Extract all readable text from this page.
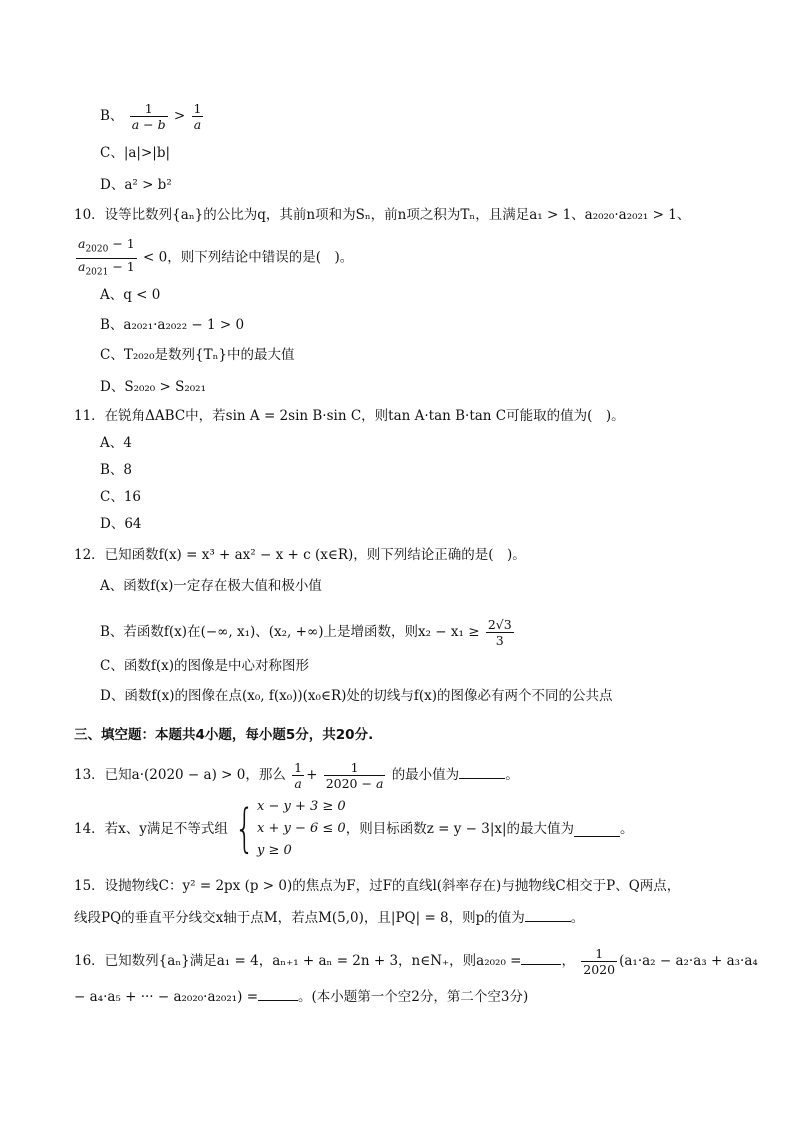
B、 $\frac{1}{a - b} > \frac{1}{a}$
C、|a|>|b|
D、a² > b²
10．设等比数列{aₙ}的公比为q，其前n项和为Sₙ，前n项之积为Tₙ，且满足a₁ > 1、a₂₀₂₀·a₂₀₂₁ > 1、
$\frac{a_{2020} - 1}{a_{2021} - 1} < 0$，则下列结论中错误的是(　)。
A、q < 0
B、a₂₀₂₁·a₂₀₂₂ − 1 > 0
C、T₂₀₂₀是数列{Tₙ}中的最大值
D、S₂₀₂₀ > S₂₀₂₁
11．在锐角ΔABC中，若sin A = 2sin B·sin C，则tan A·tan B·tan C可能取的值为(　)。
A、4
B、8
C、16
D、64
12．已知函数f(x) = x³ + ax² − x + c (x∈R)，则下列结论正确的是(　)。
A、函数f(x)一定存在极大值和极小值
B、若函数f(x)在(−∞, x₁)、(x₂, +∞)上是增函数，则$x_2 - x_1 \ge \frac{2√3}{3}$
C、函数f(x)的图像是中心对称图形
D、函数f(x)的图像在点(x₀, f(x₀))(x₀∈R)处的切线与f(x)的图像必有两个不同的公共点
三、填空题：本题共4小题，每小题5分，共20分.
13．已知a·(2020 − a) > 0，那么 $\frac{1}{a} + \frac{1}{2020 - a}$ 的最小值为	。
14．若x、y满足不等式组 { x − y + 3 ≥ 0
x + y − 6 ≤ 0
y ≥ 0
，则目标函数z = y − 3|x|的最大值为	。
15．设抛物线C：y² = 2px (p > 0)的焦点为F，过F的直线l(斜率存在)与抛物线C相交于P、Q两点，
线段PQ的垂直平分线交x轴于点M，若点M(5,0)，且|PQ| = 8，则p的值为	。
16．已知数列{aₙ}满足a₁ = 4，aₙ₊₁ + aₙ = 2n + 3，n∈N₊，则a₂₀₂₀ =	， $\frac{1}{2020} (a_1\cdot a_2 - a_2\cdot a_3 + a_3\cdot a_4$
− a₄·a₅ + ··· − a₂₀₂₀·a₂₀₂₁) =	。(本小题第一个空2分，第二个空3分)
